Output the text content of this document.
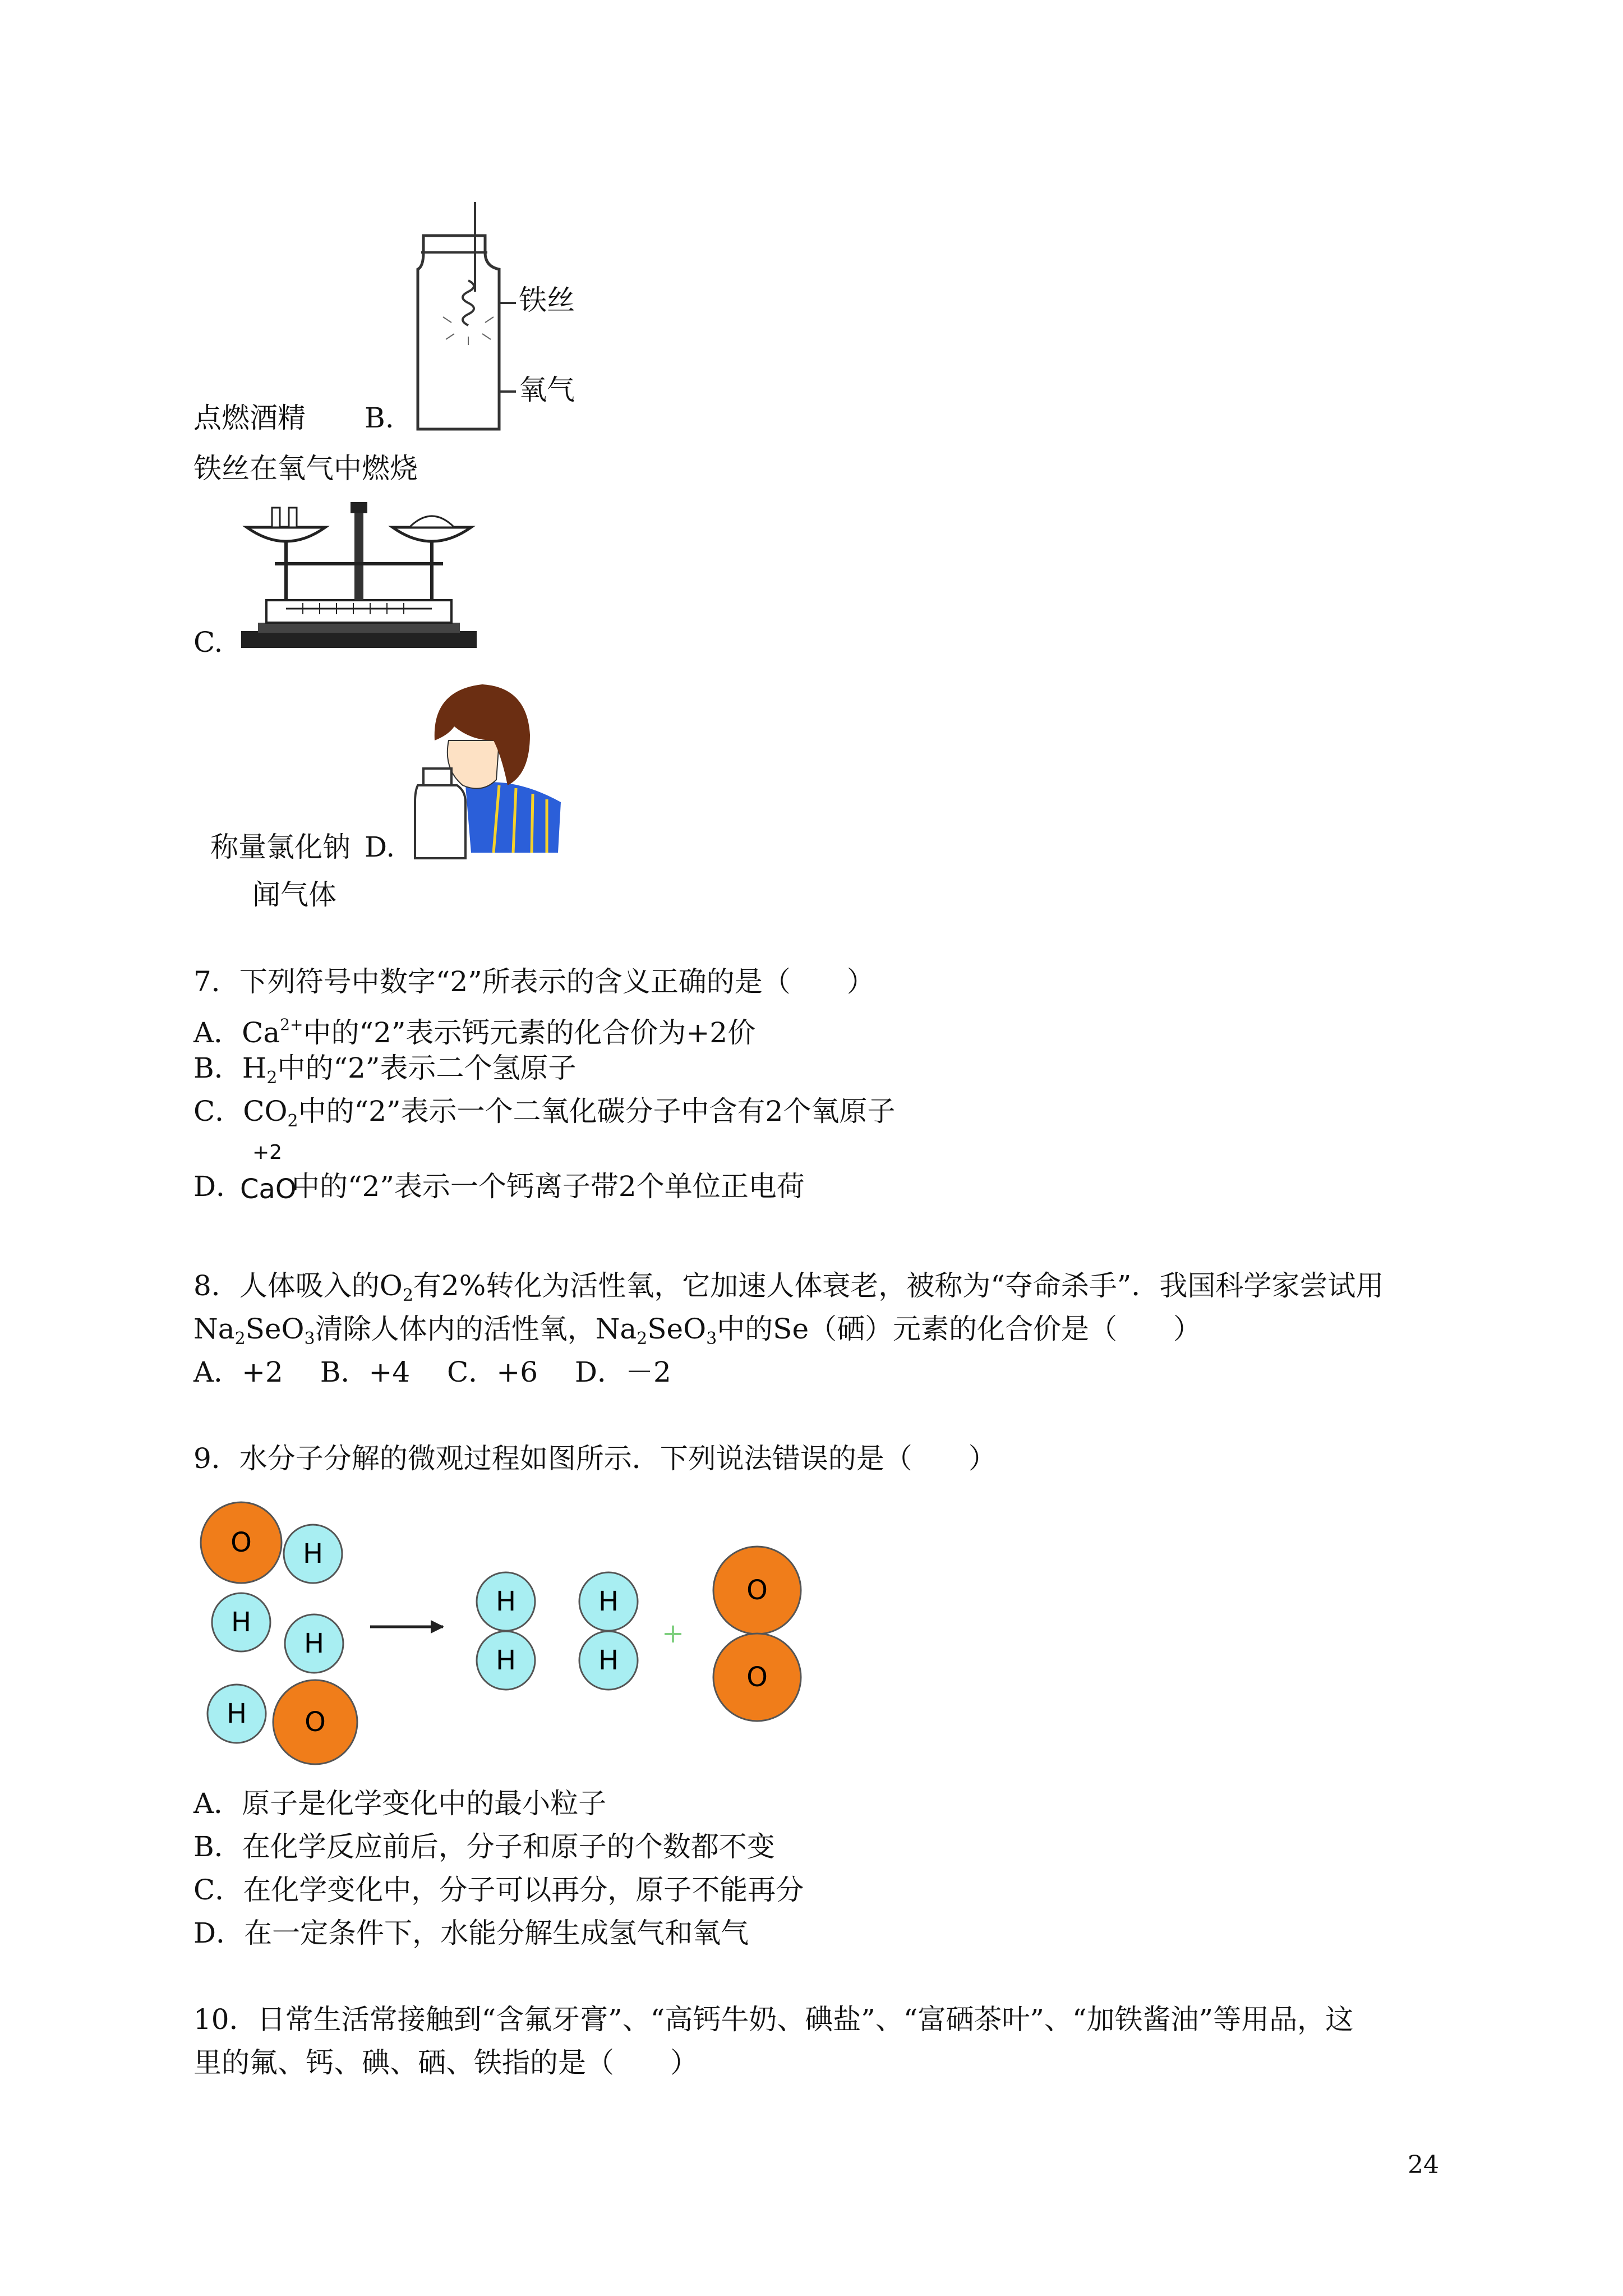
点燃酒精 B.
铁丝
氧气
铁丝在氧气中燃烧
C.
称量氯化钠 D.
闻气体
7．下列符号中数字“2”所表示的含义正确的是（　　）
A．$Ca^{2+}$中的“2”表示钙元素的化合价为+2价
B．$H_2$中的“2”表示二个氢原子
C．$CO_2$中的“2”表示一个二氧化碳分子中含有2个氧原子
D．
+2
CaO
中的“2”表示一个钙离子带2个单位正电荷
8．人体吸入的$O_2$有2%转化为活性氧，它加速人体衰老，被称为“夺命杀手”．我国科学家尝试用
$Na_2SeO_3$清除人体内的活性氧，$Na_2SeO_3$中的Se（硒）元素的化合价是（　　）
A．+2　 B．+4　 C．+6　 D．－2
9．水分子分解的微观过程如图所示．下列说法错误的是（　　）
O H
H
H
O
H
H
H
H
H
+
O
O
A．原子是化学变化中的最小粒子
B．在化学反应前后，分子和原子的个数都不变
C．在化学变化中，分子可以再分，原子不能再分
D．在一定条件下，水能分解生成氢气和氧气
10．日常生活常接触到“含氟牙膏”、“高钙牛奶、碘盐”、“富硒茶叶”、“加铁酱油”等用品，这
里的氟、钙、碘、硒、铁指的是（　　）
24
